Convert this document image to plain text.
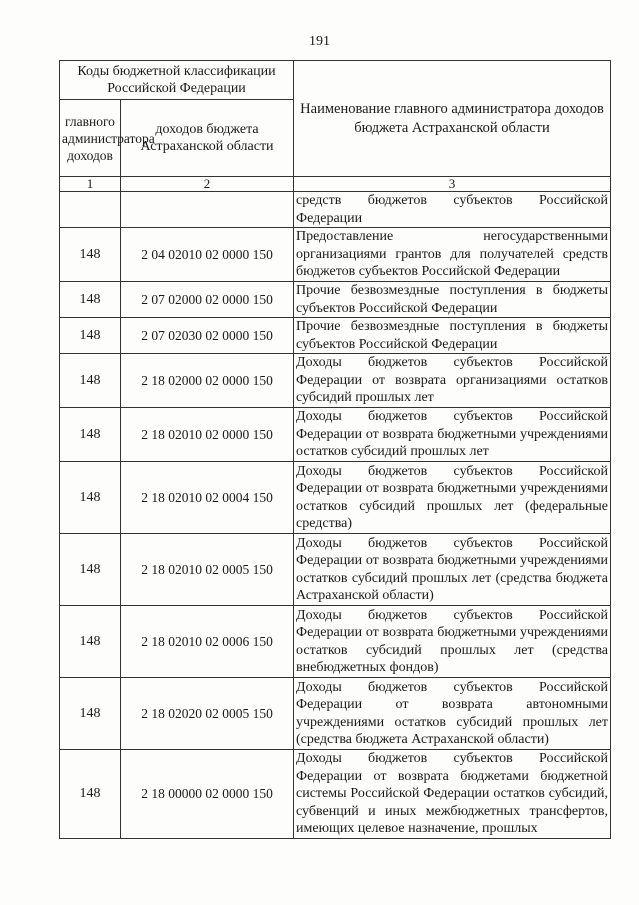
191
Коды бюджетной классификации Российской Федерации		Наименование главного администратора доходов бюджета Астраханской области
главного администратора доходов	доходов бюджета Астраханской области	
1	2	3
		средств бюджетов субъектов Российской Федерации
148	2 04 02010 02 0000 150	Предоставление негосударственными организациями грантов для получателей средств бюджетов субъектов Российской Федерации
148	2 07 02000 02 0000 150	Прочие безвозмездные поступления в бюджеты субъектов Российской Федерации
148	2 07 02030 02 0000 150	Прочие безвозмездные поступления в бюджеты субъектов Российской Федерации
148	2 18 02000 02 0000 150	Доходы бюджетов субъектов Российской Федерации от возврата организациями остатков субсидий прошлых лет
148	2 18 02010 02 0000 150	Доходы бюджетов субъектов Российской Федерации от возврата бюджетными учреждениями остатков субсидий прошлых лет
148	2 18 02010 02 0004 150	Доходы бюджетов субъектов Российской Федерации от возврата бюджетными учреждениями остатков субсидий прошлых лет (федеральные средства)
148	2 18 02010 02 0005 150	Доходы бюджетов субъектов Российской Федерации от возврата бюджетными учреждениями остатков субсидий прошлых лет (средства бюджета Астраханской области)
148	2 18 02010 02 0006 150	Доходы бюджетов субъектов Российской Федерации от возврата бюджетными учреждениями остатков субсидий прошлых лет (средства внебюджетных фондов)
148	2 18 02020 02 0005 150	Доходы бюджетов субъектов Российской Федерации от возврата автономными учреждениями остатков субсидий прошлых лет (средства бюджета Астраханской области)
148	2 18 00000 02 0000 150	Доходы бюджетов субъектов Российской Федерации от возврата бюджетами бюджетной системы Российской Федерации остатков субсидий, субвенций и иных межбюджетных трансфертов, имеющих целевое назначение, прошлых
